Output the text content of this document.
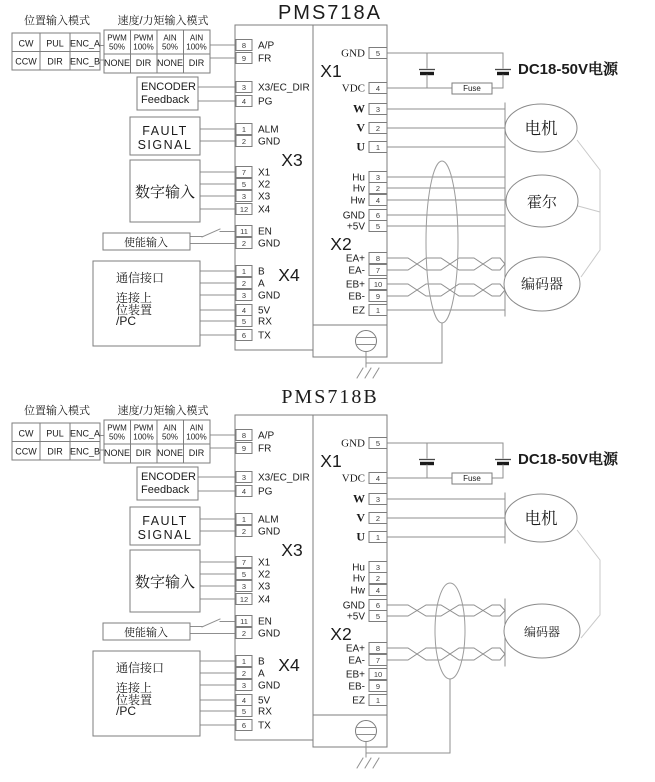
位置输入模式 速度/力矩输入模式
CW
CCW
PUL
DIR
ENC_A
ENC_B
PWM
50%
NONE
PWM
100%
DIR
AIN
50%
NONE
AIN
100%
DIR
ENCODER
Feedback
FAULT
SIGNAL
数字输入
使能输入
通信接口
连接上
位装置
/PC
Fuse
8 A/P
9 FR
3 X3/EC_DIR
4 PG
1 ALM
2 GND
7 X1
5 X2
3 X3
12 X4
11 EN
2 GND
1 B
2 A
3 GND
4 5V
5 RX
6 TX
5
GND
4
VDC
3
W
2
V
1
U
3
Hu
2
Hv
4
Hw
6
GND
5
+5V
8
EA+
7
EA-
10
EB+
9
EB-
1
EZ
X1
X2
X3
X4
电机
霍尔
编码器
DC18-50V电源
PMS718A
位置输入模式 速度/力矩输入模式
CW
CCW
PUL
DIR
ENC_A
ENC_B
PWM
50%
NONE
PWM
100%
DIR
AIN
50%
NONE
AIN
100%
DIR
ENCODER
Feedback
FAULT
SIGNAL
数字输入
使能输入
通信接口
连接上
位装置
/PC
Fuse
8 A/P
9 FR
3 X3/EC_DIR
4 PG
1 ALM
2 GND
7 X1
5 X2
3 X3
12 X4
11 EN
2 GND
1 B
2 A
3 GND
4 5V
5 RX
6 TX
5
GND
4
VDC
3
W
2
V
1
U
3
Hu
2
Hv
4
Hw
6
GND
5
+5V
8
EA+
7
EA-
10
EB+
9
EB-
1
EZ
X1
X2
X3
X4
电机
编码器
DC18-50V电源
PMS718B
